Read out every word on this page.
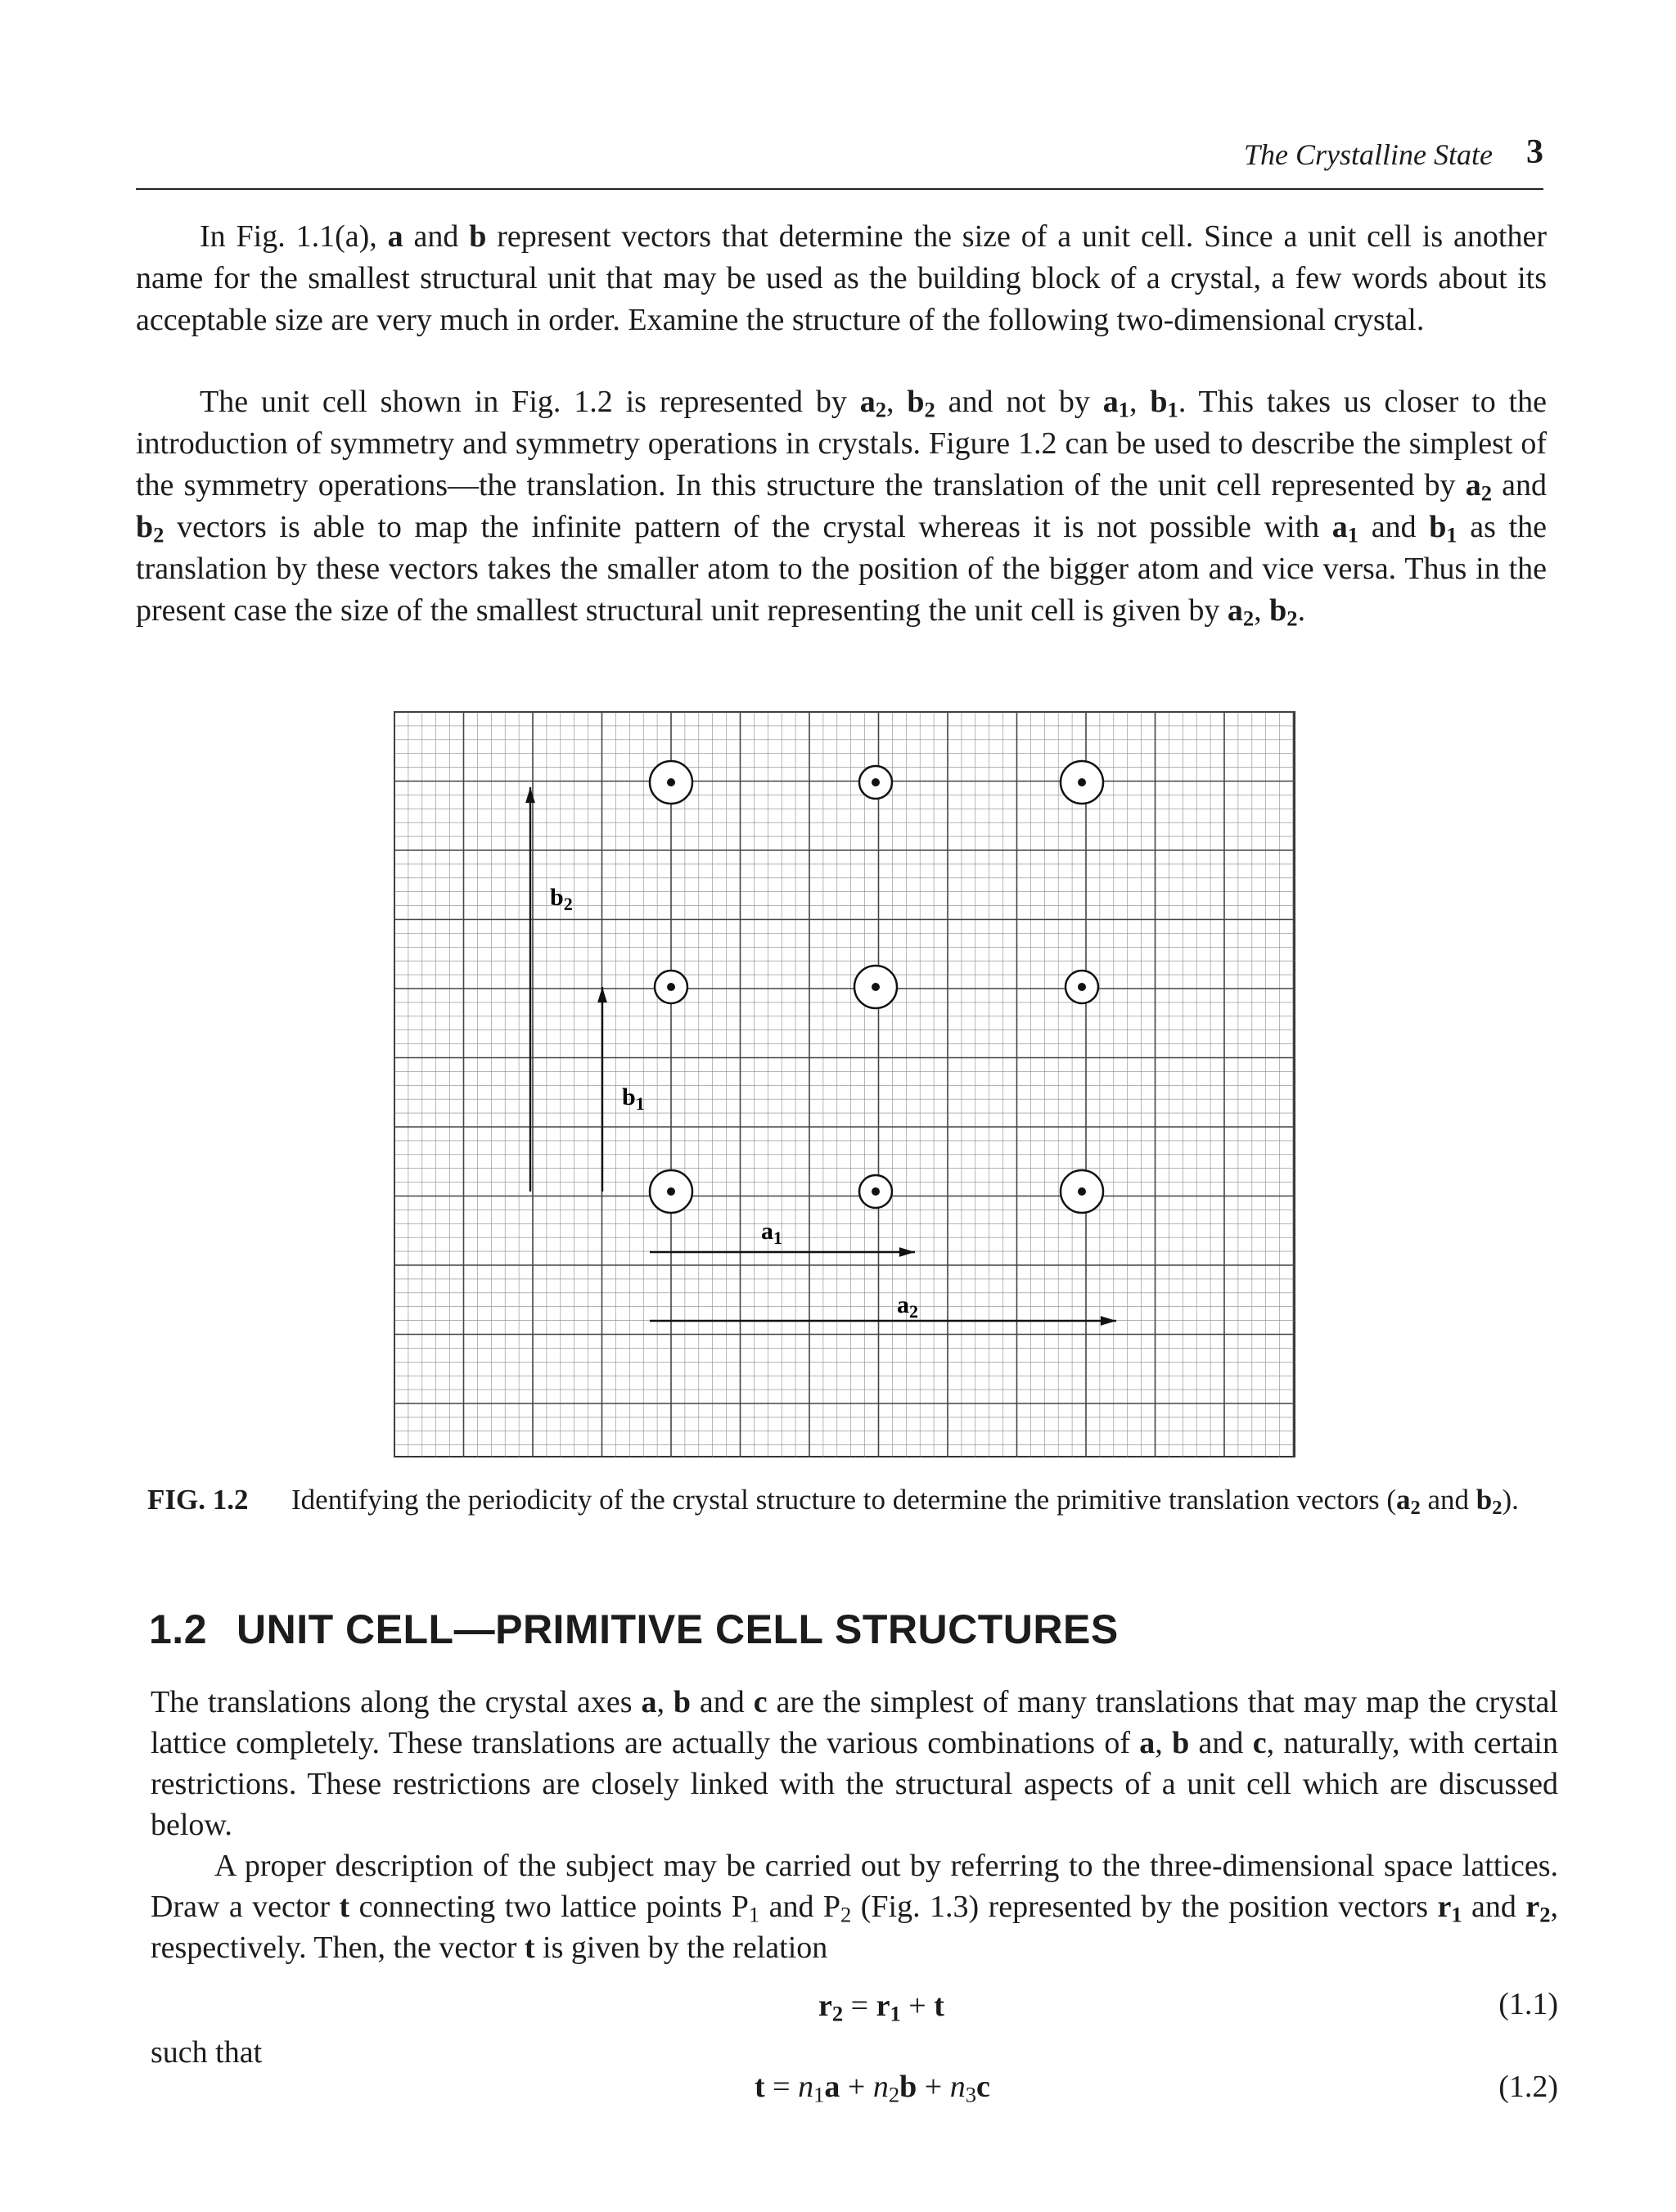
The Crystalline State 3

In Fig. 1.1(a), a and b represent vectors that determine the size of a unit cell. Since a unit cell is another name for the smallest structural unit that may be used as the building block of a crystal, a few words about its acceptable size are very much in order. Examine the structure of the following two-dimensional crystal.

The unit cell shown in Fig. 1.2 is represented by $a_2$, $b_2$ and not by $a_1$, $b_1$. This takes us closer to the introduction of symmetry and symmetry operations in crystals. Figure 1.2 can be used to describe the simplest of the symmetry operations—the translation. In this structure the translation of the unit cell represented by $a_2$ and $b_2$ vectors is able to map the infinite pattern of the crystal whereas it is not possible with $a_1$ and $b_1$ as the translation by these vectors takes the smaller atom to the position of the bigger atom and vice versa. Thus in the present case the size of the smallest structural unit representing the unit cell is given by $a_2$, $b_2$.

$b_2$
$b_1$
$a_1$
$a_2$
FIG. 1.2 Identifying the periodicity of the crystal structure to determine the primitive translation vectors ($a_2$ and $b_2$).
1.2 UNIT CELL—PRIMITIVE CELL STRUCTURES

The translations along the crystal axes a, b and c are the simplest of many translations that may map the crystal lattice completely. These translations are actually the various combinations of a, b and c, naturally, with certain restrictions. These restrictions are closely linked with the structural aspects of a unit cell which are discussed below.

A proper description of the subject may be carried out by referring to the three-dimensional space lattices. Draw a vector t connecting two lattice points $P_1$ and $P_2$ (Fig. 1.3) represented by the position vectors $r_1$ and $r_2$, respectively. Then, the vector t is given by the relation

$r_2 = r_1 + t$	(1.1)
such that
$t = n_1a + n_2b + n_3c$	(1.2)
